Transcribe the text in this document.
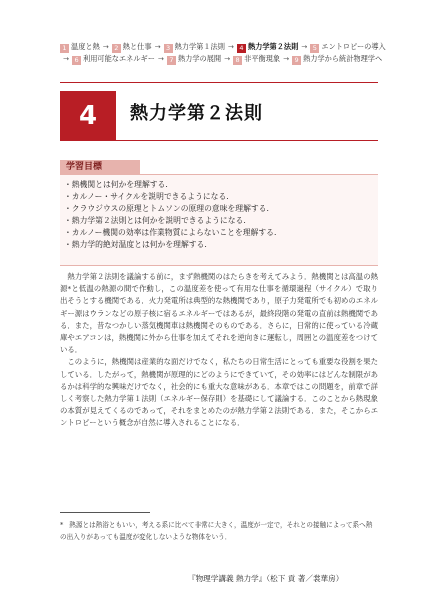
1 温度と熱 → 2 熱と仕事 → 3 熱力学第１法則 → 4 熱力学第２法則 → 5 エントロピーの導入
→ 6 利用可能なエネルギー → 7 熱力学の展開 → 8 非平衡現象 → 9 熱力学から統計物理学へ
4	熱力学第２法則
学習目標
・熱機関とは何かを理解する．
・カルノー・サイクルを説明できるようになる．
・クラウジウスの原理とトムソンの原理の意味を理解する．
・熱力学第２法則とは何かを説明できるようになる．
・カルノー機関の効率は作業物質によらないことを理解する．
・熱力学的絶対温度とは何かを理解する．

熱力学第２法則を議論する前に，まず熱機関のはたらきを考えてみよう．熱機関とは高温の熱源*と低温の熱源の間で作動し，この温度差を使って有用な仕事を循環過程（サイクル）で取り出そうとする機関である．火力発電所は典型的な熱機関であり，原子力発電所でも初めのエネルギー源はウランなどの原子核に宿るエネルギーではあるが，最終段階の発電の直前は熱機関である．また，昔なつかしい蒸気機関車は熱機関そのものである．さらに，日常的に使っている冷蔵庫やエアコンは，熱機関に外から仕事を加えてそれを逆向きに運転し，周囲との温度差をつけている．

このように，熱機関は産業的な面だけでなく，私たちの日常生活にとっても重要な役割を果たしている．したがって，熱機関が原理的にどのようにできていて，その効率にはどんな制限があるかは科学的な興味だけでなく，社会的にも重大な意味がある．本章ではこの問題を，前章で詳しく考察した熱力学第１法則（エネルギー保存則）を基礎にして議論する．このことから熱現象の本質が見えてくるのであって，それをまとめたのが熱力学第２法則である．また，そこからエントロピーという概念が自然に導入されることになる．

* 熱源とは熱浴ともいい，考える系に比べて非常に大きく，温度が一定で，それとの接触によって系へ熱の出入りがあっても温度が変化しないような物体をいう．
『物理学講義 熱力学』（松下 貢 著／裳華房）
